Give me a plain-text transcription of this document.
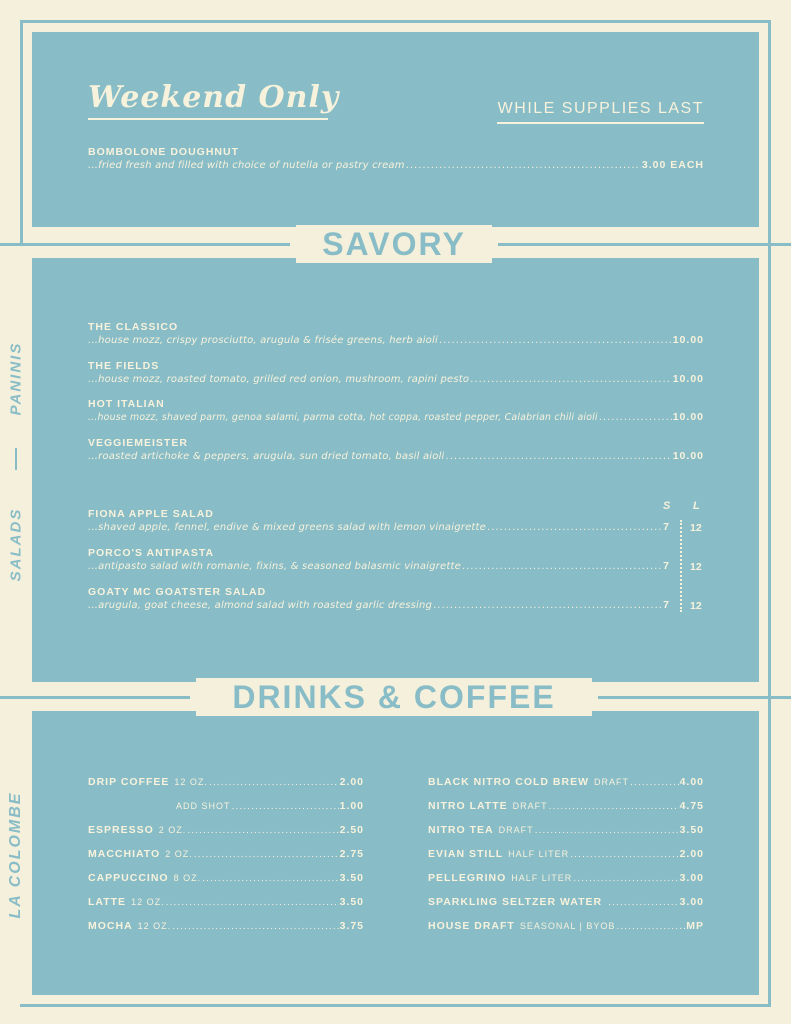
Weekend Only	WHILE SUPPLIES LAST
BOMBOLONE DOUGHNUT
...fried fresh and filled with choice of nutella or pastry cream .....	3.00 EACH
SAVORY
PANINIS
SALADS
LA COLOMBE
THE CLASSICO
...house mozz, crispy prosciutto, arugula & frisée greens, herb aioli .....	10.00
THE FIELDS
...house mozz, roasted tomato, grilled red onion, mushroom, rapini pesto .....	10.00
HOT ITALIAN
...house mozz, shaved parm, genoa salami, parma cotta, hot coppa, roasted pepper, Calabrian chili aioli .....	10.00
VEGGIEMEISTER
...roasted artichoke & peppers, arugula, sun dried tomato, basil aioli .....	10.00
S L
FIONA APPLE SALAD
...shaved apple, fennel, endive & mixed greens salad with lemon vinaigrette .....	7 12
PORCO'S ANTIPASTA
...antipasto salad with romanie, fixins, & seasoned balasmic vinaigrette .....	7 12
GOATY MC GOATSTER SALAD
...arugula, goat cheese, almond salad with roasted garlic dressing .....	7 12
DRINKS & COFFEE
DRIP COFFEE 12 OZ. .....	2.00
ADD SHOT .....	1.00
ESPRESSO 2 OZ. .....	2.50
MACCHIATO 2 OZ. .....	2.75
CAPPUCCINO 8 OZ. .....	3.50
LATTE 12 OZ. .....	3.50
MOCHA 12 OZ. .....	3.75
BLACK NITRO COLD BREW DRAFT .....	4.00
NITRO LATTE DRAFT .....	4.75
NITRO TEA DRAFT .....	3.50
EVIAN STILL HALF LITER .....	2.00
PELLEGRINO HALF LITER .....	3.00
SPARKLING SELTZER WATER .....	3.00
HOUSE DRAFT SEASONAL | BYOB .....	MP
